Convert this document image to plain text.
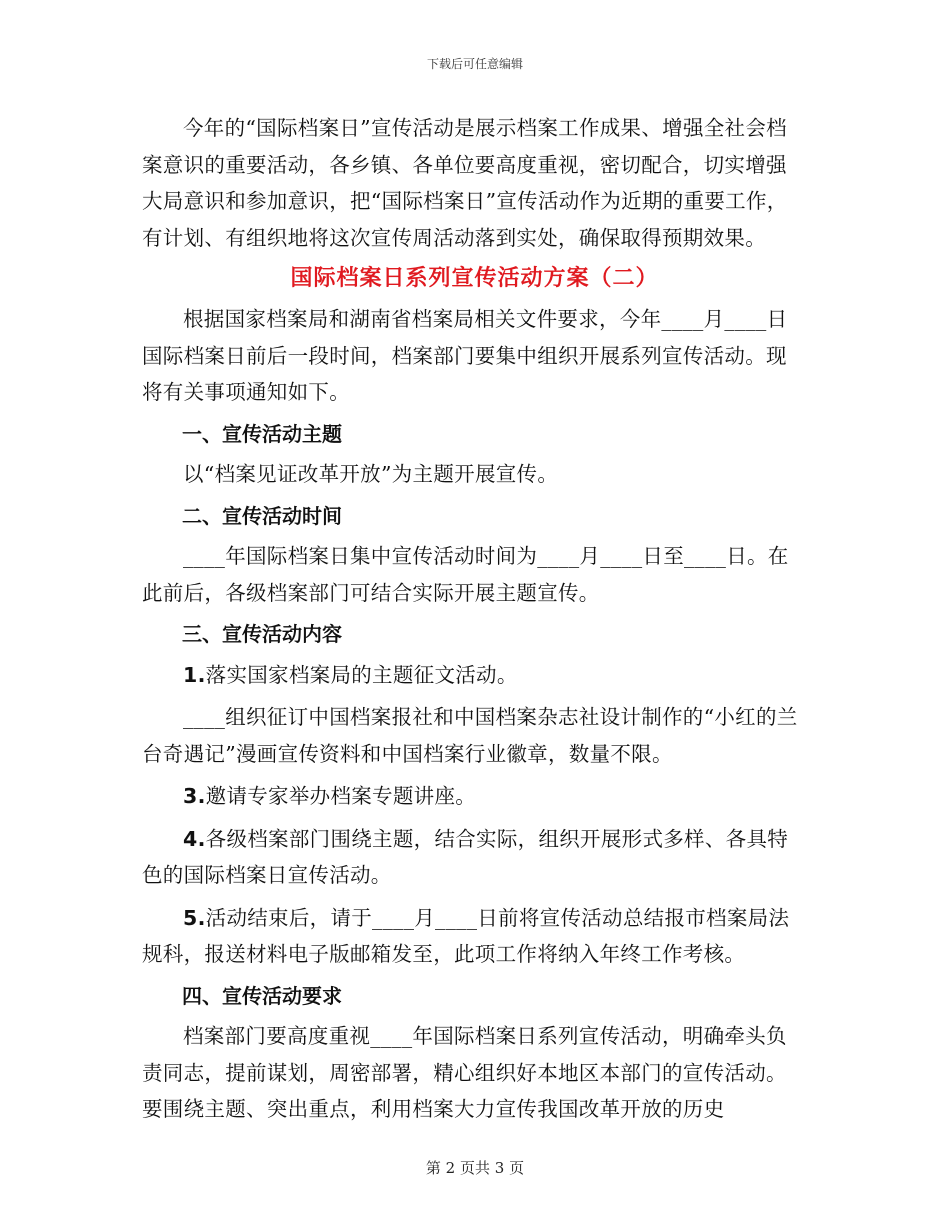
下载后可任意编辑

今年的“国际档案日”宣传活动是展示档案工作成果、增强全社会档案意识的重要活动，各乡镇、各单位要高度重视，密切配合，切实增强大局意识和参加意识，把“国际档案日”宣传活动作为近期的重要工作，有计划、有组织地将这次宣传周活动落到实处，确保取得预期效果。

国际档案日系列宣传活动方案（二）

根据国家档案局和湖南省档案局相关文件要求，今年____月____日国际档案日前后一段时间，档案部门要集中组织开展系列宣传活动。现将有关事项通知如下。

一、宣传活动主题

以“档案见证改革开放”为主题开展宣传。

二、宣传活动时间

____年国际档案日集中宣传活动时间为____月____日至____日。在此前后，各级档案部门可结合实际开展主题宣传。

三、宣传活动内容

1.落实国家档案局的主题征文活动。

____组织征订中国档案报社和中国档案杂志社设计制作的“小红的兰台奇遇记”漫画宣传资料和中国档案行业徽章，数量不限。

3.邀请专家举办档案专题讲座。

4.各级档案部门围绕主题，结合实际，组织开展形式多样、各具特色的国际档案日宣传活动。

5.活动结束后，请于____月____日前将宣传活动总结报市档案局法规科，报送材料电子版邮箱发至，此项工作将纳入年终工作考核。

四、宣传活动要求

档案部门要高度重视____年国际档案日系列宣传活动，明确牵头负责同志，提前谋划，周密部署，精心组织好本地区本部门的宣传活动。要围绕主题、突出重点，利用档案大力宣传我国改革开放的历史

第 2 页共 3 页
